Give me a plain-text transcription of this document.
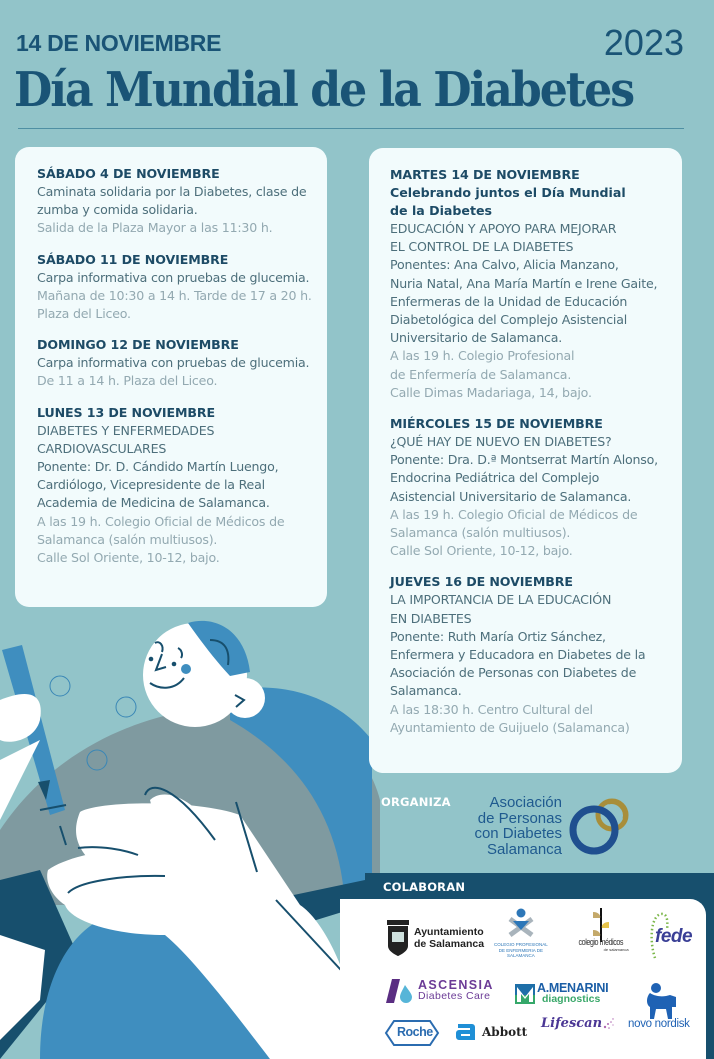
14 DE NOVIEMBRE	2023
Día Mundial de la Diabetes
SÁBADO 4 DE NOVIEMBRE
Caminata solidaria por la Diabetes, clase de
zumba y comida solidaria.
Salida de la Plaza Mayor a las 11:30 h.
SÁBADO 11 DE NOVIEMBRE
Carpa informativa con pruebas de glucemia.
Mañana de 10:30 a 14 h. Tarde de 17 a 20 h.
Plaza del Liceo.
DOMINGO 12 DE NOVIEMBRE
Carpa informativa con pruebas de glucemia.
De 11 a 14 h. Plaza del Liceo.
LUNES 13 DE NOVIEMBRE
DIABETES Y ENFERMEDADES
CARDIOVASCULARES
Ponente: Dr. D. Cándido Martín Luengo,
Cardiólogo, Vicepresidente de la Real
Academia de Medicina de Salamanca.
A las 19 h. Colegio Oficial de Médicos de
Salamanca (salón multiusos).
Calle Sol Oriente, 10-12, bajo.
MARTES 14 DE NOVIEMBRE
Celebrando juntos el Día Mundial
de la Diabetes
EDUCACIÓN Y APOYO PARA MEJORAR
EL CONTROL DE LA DIABETES
Ponentes: Ana Calvo, Alicia Manzano,
Nuria Natal, Ana María Martín e Irene Gaite,
Enfermeras de la Unidad de Educación
Diabetológica del Complejo Asistencial
Universitario de Salamanca.
A las 19 h. Colegio Profesional
de Enfermería de Salamanca.
Calle Dimas Madariaga, 14, bajo.
MIÉRCOLES 15 DE NOVIEMBRE
¿QUÉ HAY DE NUEVO EN DIABETES?
Ponente: Dra. D.ª Montserrat Martín Alonso,
Endocrina Pediátrica del Complejo
Asistencial Universitario de Salamanca.
A las 19 h. Colegio Oficial de Médicos de
Salamanca (salón multiusos).
Calle Sol Oriente, 10-12, bajo.
JUEVES 16 DE NOVIEMBRE
LA IMPORTANCIA DE LA EDUCACIÓN
EN DIABETES
Ponente: Ruth María Ortiz Sánchez,
Enfermera y Educadora en Diabetes de la
Asociación de Personas con Diabetes de
Salamanca.
A las 18:30 h. Centro Cultural del
Ayuntamiento de Guijuelo (Salamanca)
ORGANIZA	Asociación
de Personas
con Diabetes
Salamanca
COLABORAN
Ayuntamiento
de Salamanca COLEGIO PROFESIONAL
DE ENFERMERIA DE
SALAMANCA
colegio médicos
de salamanca
fede
ASCENSIA
Diabetes Care
A.MENARINI
diagnostics
novo nordisk
Roche	Abbott
Lifescan
